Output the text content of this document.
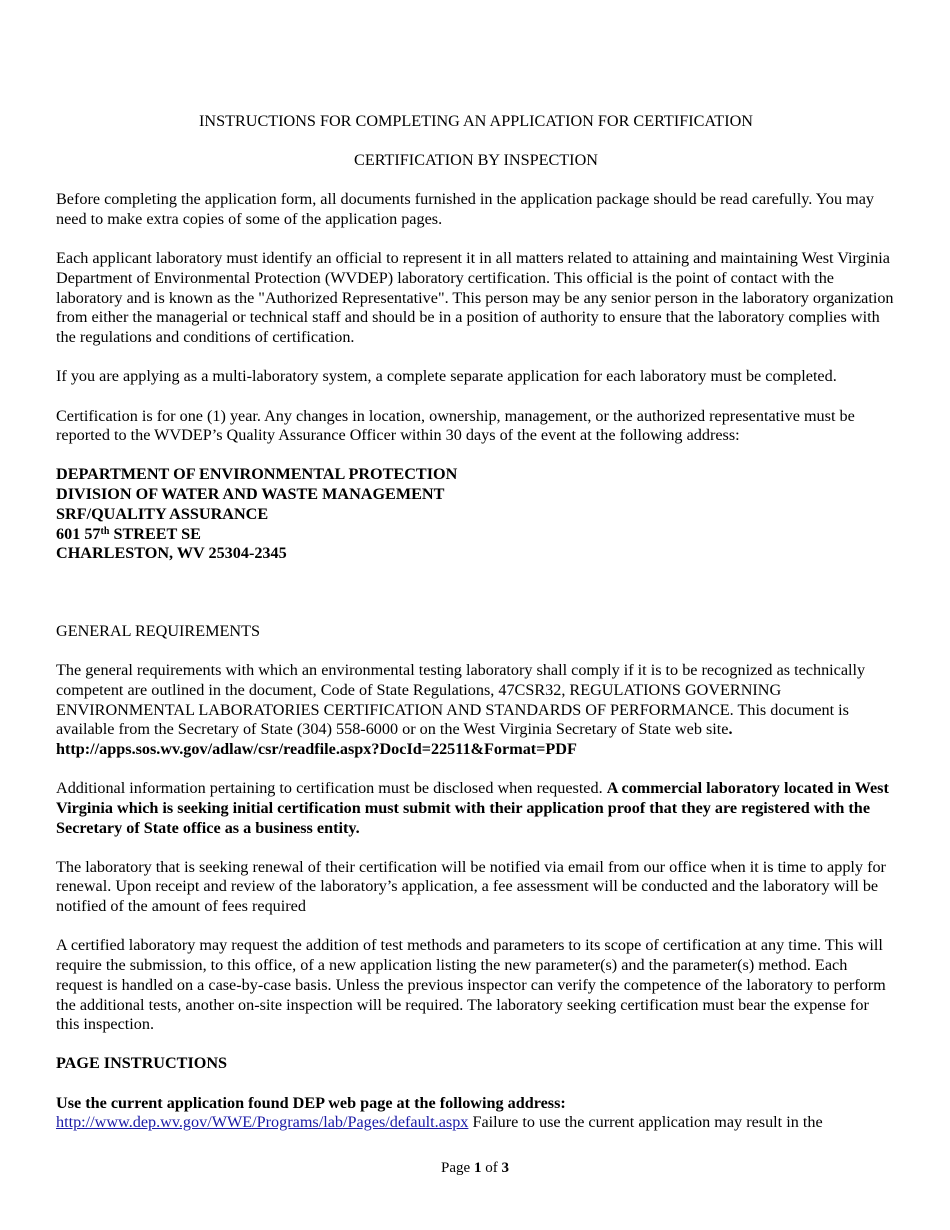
INSTRUCTIONS FOR COMPLETING AN APPLICATION FOR CERTIFICATION

CERTIFICATION BY INSPECTION

Before completing the application form, all documents furnished in the application package should be read carefully. You may need to make extra copies of some of the application pages.

Each applicant laboratory must identify an official to represent it in all matters related to attaining and maintaining West Virginia Department of Environmental Protection (WVDEP) laboratory certification. This official is the point of contact with the laboratory and is known as the "Authorized Representative". This person may be any senior person in the laboratory organization from either the managerial or technical staff and should be in a position of authority to ensure that the laboratory complies with the regulations and conditions of certification.

If you are applying as a multi-laboratory system, a complete separate application for each laboratory must be completed.

Certification is for one (1) year. Any changes in location, ownership, management, or the authorized representative must be reported to the WVDEP’s Quality Assurance Officer within 30 days of the event at the following address:

DEPARTMENT OF ENVIRONMENTAL PROTECTION
DIVISION OF WATER AND WASTE MANAGEMENT
SRF/QUALITY ASSURANCE
601 57th STREET SE
CHARLESTON, WV 25304-2345

GENERAL REQUIREMENTS

The general requirements with which an environmental testing laboratory shall comply if it is to be recognized as technically competent are outlined in the document, Code of State Regulations, 47CSR32, REGULATIONS GOVERNING ENVIRONMENTAL LABORATORIES CERTIFICATION AND STANDARDS OF PERFORMANCE. This document is available from the Secretary of State (304) 558-6000 or on the West Virginia Secretary of State web site. http://apps.sos.wv.gov/adlaw/csr/readfile.aspx?DocId=22511&Format=PDF

Additional information pertaining to certification must be disclosed when requested. A commercial laboratory located in West Virginia which is seeking initial certification must submit with their application proof that they are registered with the Secretary of State office as a business entity.

The laboratory that is seeking renewal of their certification will be notified via email from our office when it is time to apply for renewal. Upon receipt and review of the laboratory’s application, a fee assessment will be conducted and the laboratory will be notified of the amount of fees required

A certified laboratory may request the addition of test methods and parameters to its scope of certification at any time. This will require the submission, to this office, of a new application listing the new parameter(s) and the parameter(s) method. Each request is handled on a case-by-case basis. Unless the previous inspector can verify the competence of the laboratory to perform the additional tests, another on-site inspection will be required. The laboratory seeking certification must bear the expense for this inspection.

PAGE INSTRUCTIONS

Use the current application found DEP web page at the following address:
http://www.dep.wv.gov/WWE/Programs/lab/Pages/default.aspx Failure to use the current application may result in the

Page 1 of 3
